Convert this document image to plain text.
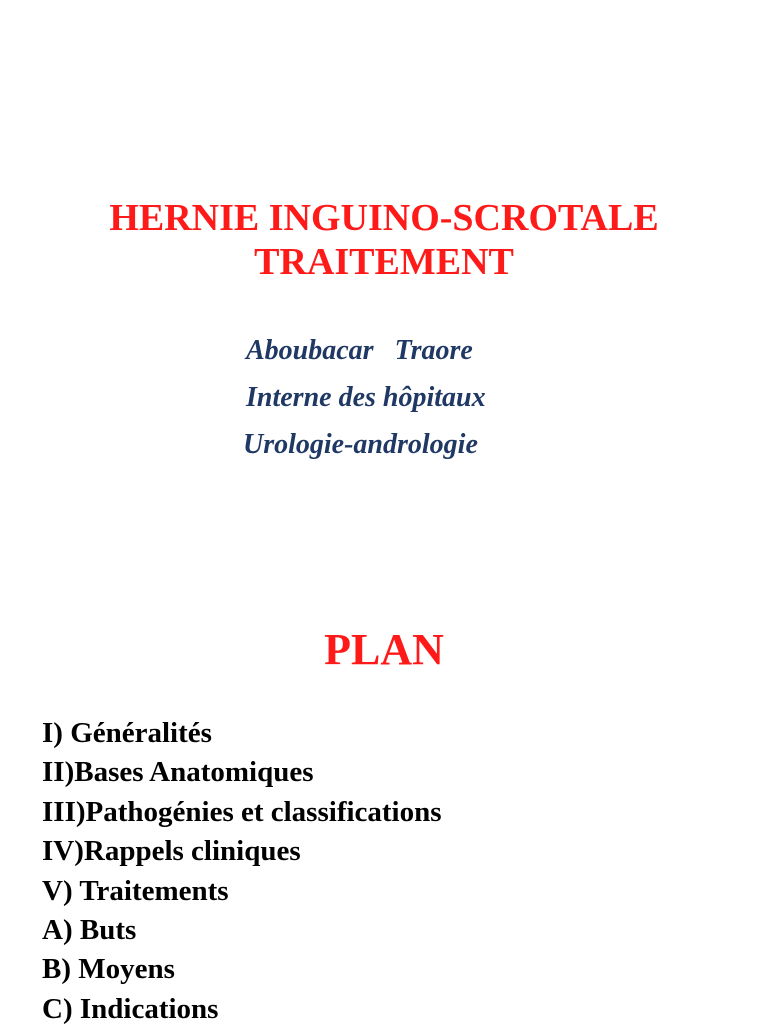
HERNIE INGUINO-SCROTALE
TRAITEMENT
Aboubacar   Traore
Interne des hôpitaux
Urologie-andrologie
PLAN
I) Généralités
II)Bases Anatomiques
III)Pathogénies et classifications
IV)Rappels cliniques
V) Traitements
A) Buts
B) Moyens
C) Indications
